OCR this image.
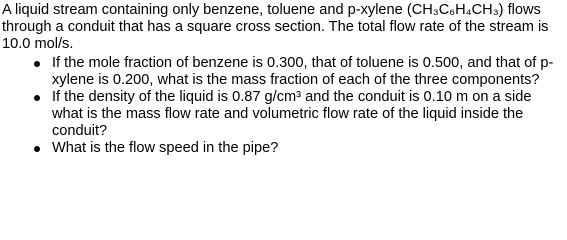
A liquid stream containing only benzene, toluene and p-xylene (CH₃C₆H₄CH₃) flows through a conduit that has a square cross section. The total flow rate of the stream is 10.0 mol/s.

If the mole fraction of benzene is 0.300, that of toluene is 0.500, and that of p-xylene is 0.200, what is the mass fraction of each of the three components?
If the density of the liquid is 0.87 g/cm³ and the conduit is 0.10 m on a side what is the mass flow rate and volumetric flow rate of the liquid inside the conduit?
What is the flow speed in the pipe?
